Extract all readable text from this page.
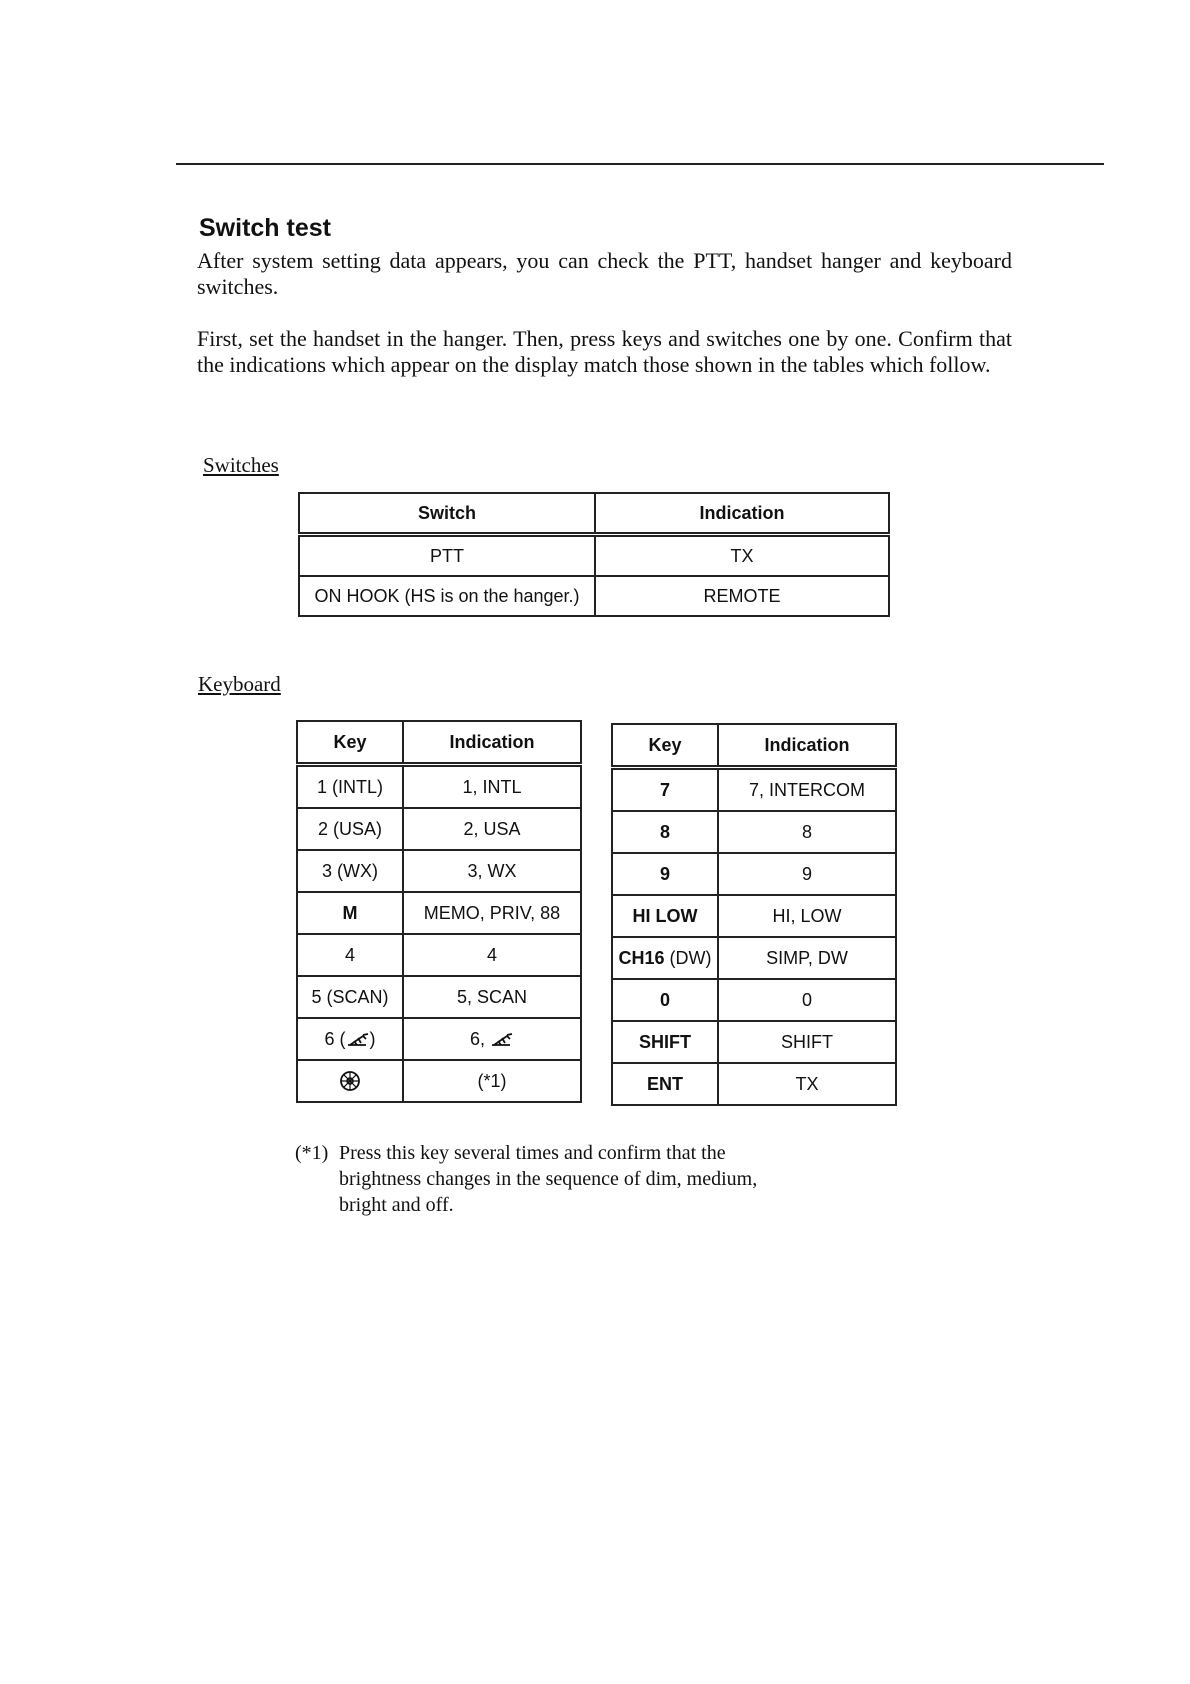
Switch test

After system setting data appears, you can check the PTT, handset hanger and keyboard switches.

First, set the handset in the hanger. Then, press keys and switches one by one. Confirm that the indications which appear on the display match those shown in the tables which follow.

Switches

Switch	Indication
PTT	TX
ON HOOK (HS is on the hanger.)	REMOTE

Keyboard

Key	Indication
1 (INTL)	1, INTL
2 (USA)	2, USA
3 (WX)	3, WX
M	MEMO, PRIV, 88
4	4
5 (SCAN)	5, SCAN
6 ( )	6,
	(*1)
Key	Indication
7	7, INTERCOM
8	8
9	9
HI LOW	HI, LOW
CH16 (DW)	SIMP, DW
0	0
SHIFT	SHIFT
ENT	TX

(*1) Press this key several times and confirm that the
brightness changes in the sequence of dim, medium,
bright and off.
